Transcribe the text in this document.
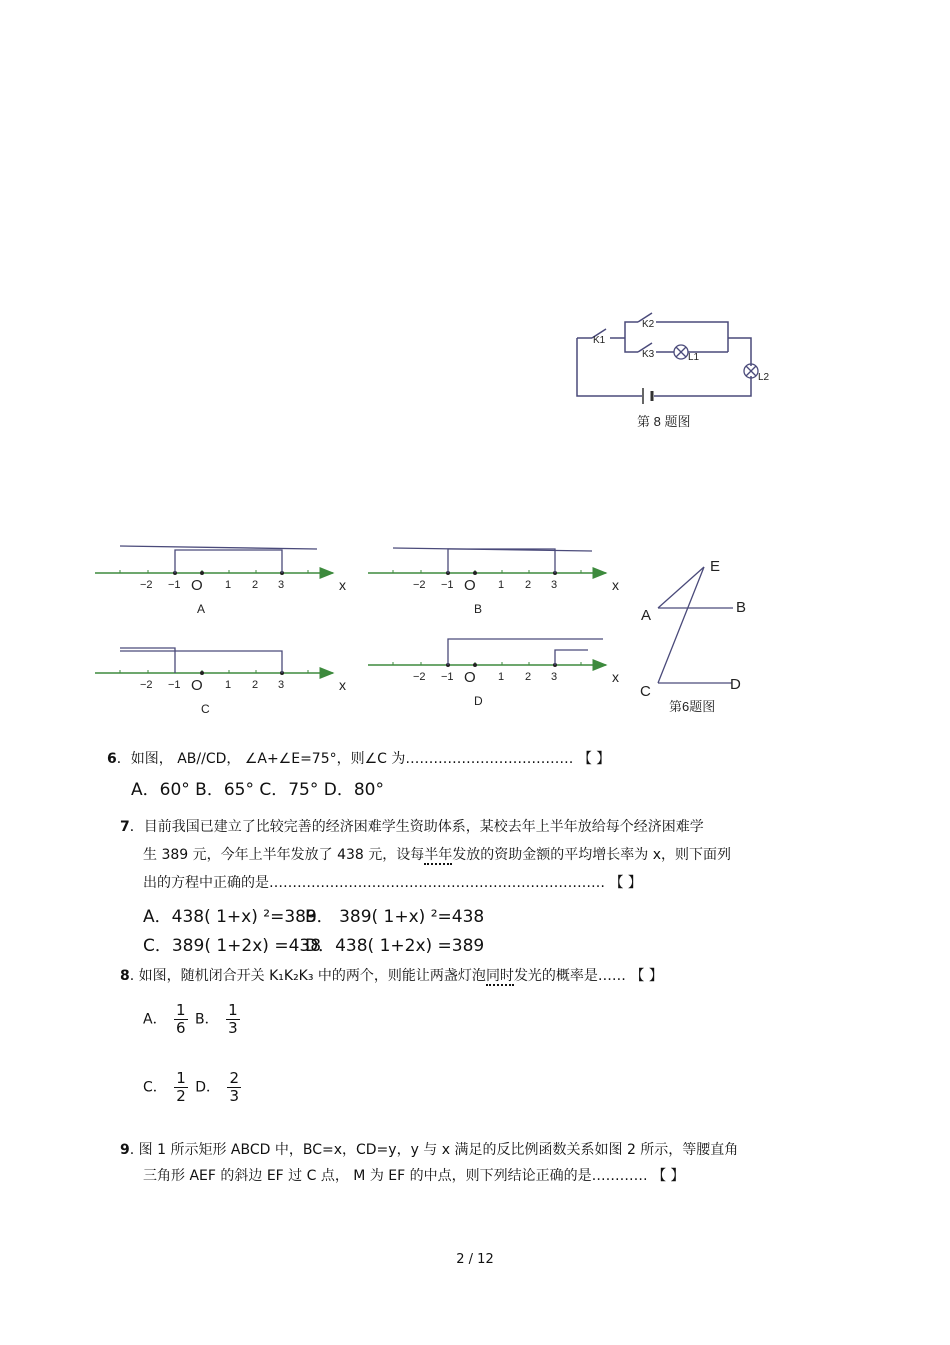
K1
K2
K3	L1
L2
第 8 题图
−2 −1 O 1 2 3	x
A
−2 −1 O 1 2 3	x
B
−2 −1 O 1 2 3	x
C
−2 −1 O 1 2 3	x
D
E
A	B
C	D
第6题图
6．如图， AB//CD， ∠A+∠E=75°，则∠C 为……………………………… 【 】
A．60° B．65° C．75° D．80°
7．目前我国已建立了比较完善的经济困难学生资助体系，某校去年上半年放给每个经济困难学
生 389 元，今年上半年发放了 438 元，设每半年发放的资助金额的平均增长率为 x，则下面列
出的方程中正确的是……………………………………………………………… 【 】
A．438( 1+x) ²=389
B． 389( 1+x) ²=438
C．389( 1+2x) =438
D．438( 1+2x) =389
8. 如图，随机闭合开关 K₁K₂K₃ 中的两个，则能让两盏灯泡同时发光的概率是…… 【 】
A． $\frac{1}{6}$ B． $\frac{1}{3}$
C． $\frac{1}{2}$ D． $\frac{2}{3}$
9. 图 1 所示矩形 ABCD 中，BC=x，CD=y，y 与 x 满足的反比例函数关系如图 2 所示，等腰直角
三角形 AEF 的斜边 EF 过 C 点， M 为 EF 的中点，则下列结论正确的是………… 【 】
2 / 12
